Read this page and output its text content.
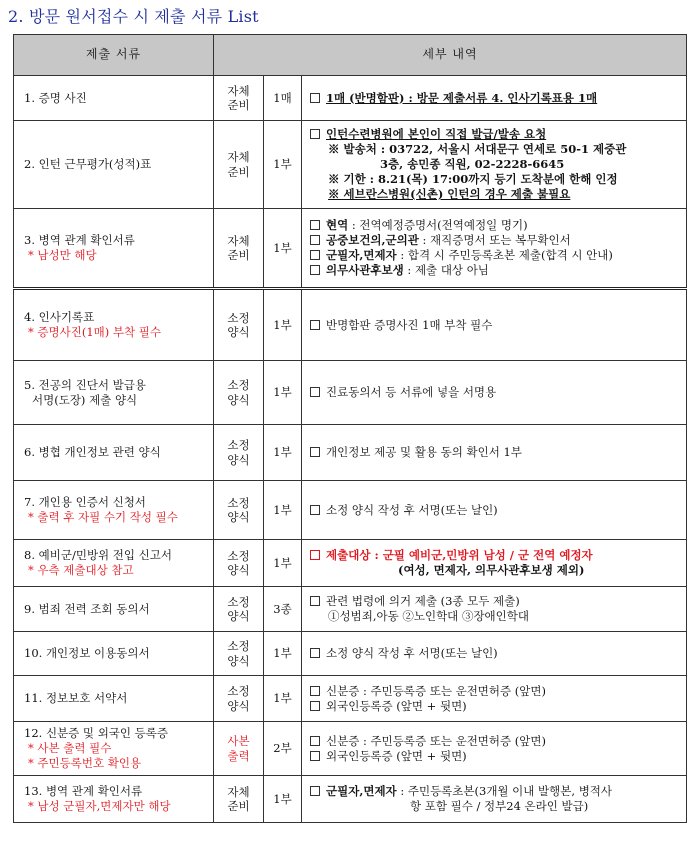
2. 방문 원서접수 시 제출 서류 List
제출 서류	세부 내역		
1. 증명 사진	자체
준비	1매	1매 (반명함판) : 방문 제출서류 4. 인사기록표용 1매

2. 인턴 근무평가(성적)표	자체
준비	1부	인턴수련병원에 본인이 직접 발급/발송 요청
※ 발송처 : 03722, 서울시 서대문구 연세로 50-1 제중관
3층, 송민종 직원, 02-2228-6645
※ 기한 : 8.21(목) 17:00까지 등기 도착분에 한해 인정
※ 세브란스병원(신촌) 인턴의 경우 제출 불필요

3. 병역 관계 확인서류
* 남성만 해당	자체
준비	1부	현역 : 전역예정증명서(전역예정일 명기)
공중보건의,군의관 : 재직증명서 또는 복무확인서
군필자,면제자 : 합격 시 주민등록초본 제출(합격 시 안내)
의무사관후보생 : 제출 대상 아님

4. 인사기록표
* 증명사진(1매) 부착 필수	소정
양식	1부	반명함판 증명사진 1매 부착 필수

5. 전공의 진단서 발급용
서명(도장) 제출 양식	소정
양식	1부	진료동의서 등 서류에 넣을 서명용

6. 병협 개인정보 관련 양식	소정
양식	1부	개인정보 제공 및 활용 동의 확인서 1부

7. 개인용 인증서 신청서
* 출력 후 자필 수기 작성 필수	소정
양식	1부	소정 양식 작성 후 서명(또는 날인)

8. 예비군/민방위 전입 신고서
* 우측 제출대상 참고	소정
양식	1부	제출대상 : 군필 예비군,민방위 남성 / 군 전역 예정자
(여성, 면제자, 의무사관후보생 제외)

9. 범죄 전력 조회 동의서	소정
양식	3종	관련 법령에 의거 제출 (3종 모두 제출)
①성범죄,아동 ②노인학대 ③장애인학대

10. 개인정보 이용동의서	소정
양식	1부	소정 양식 작성 후 서명(또는 날인)

11. 정보보호 서약서	소정
양식	1부	신분증 : 주민등록증 또는 운전면허증 (앞면)
외국인등록증 (앞면 + 뒷면)

12. 신분증 및 외국인 등록증
* 사본 출력 필수
* 주민등록번호 확인용	사본
출력	2부	신분증 : 주민등록증 또는 운전면허증 (앞면)
외국인등록증 (앞면 + 뒷면)

13. 병역 관계 확인서류
* 남성 군필자,면제자만 해당	자체
준비	1부	군필자,면제자 : 주민등록초본(3개월 이내 발행본, 병적사
항 포함 필수 / 정부24 온라인 발급)
